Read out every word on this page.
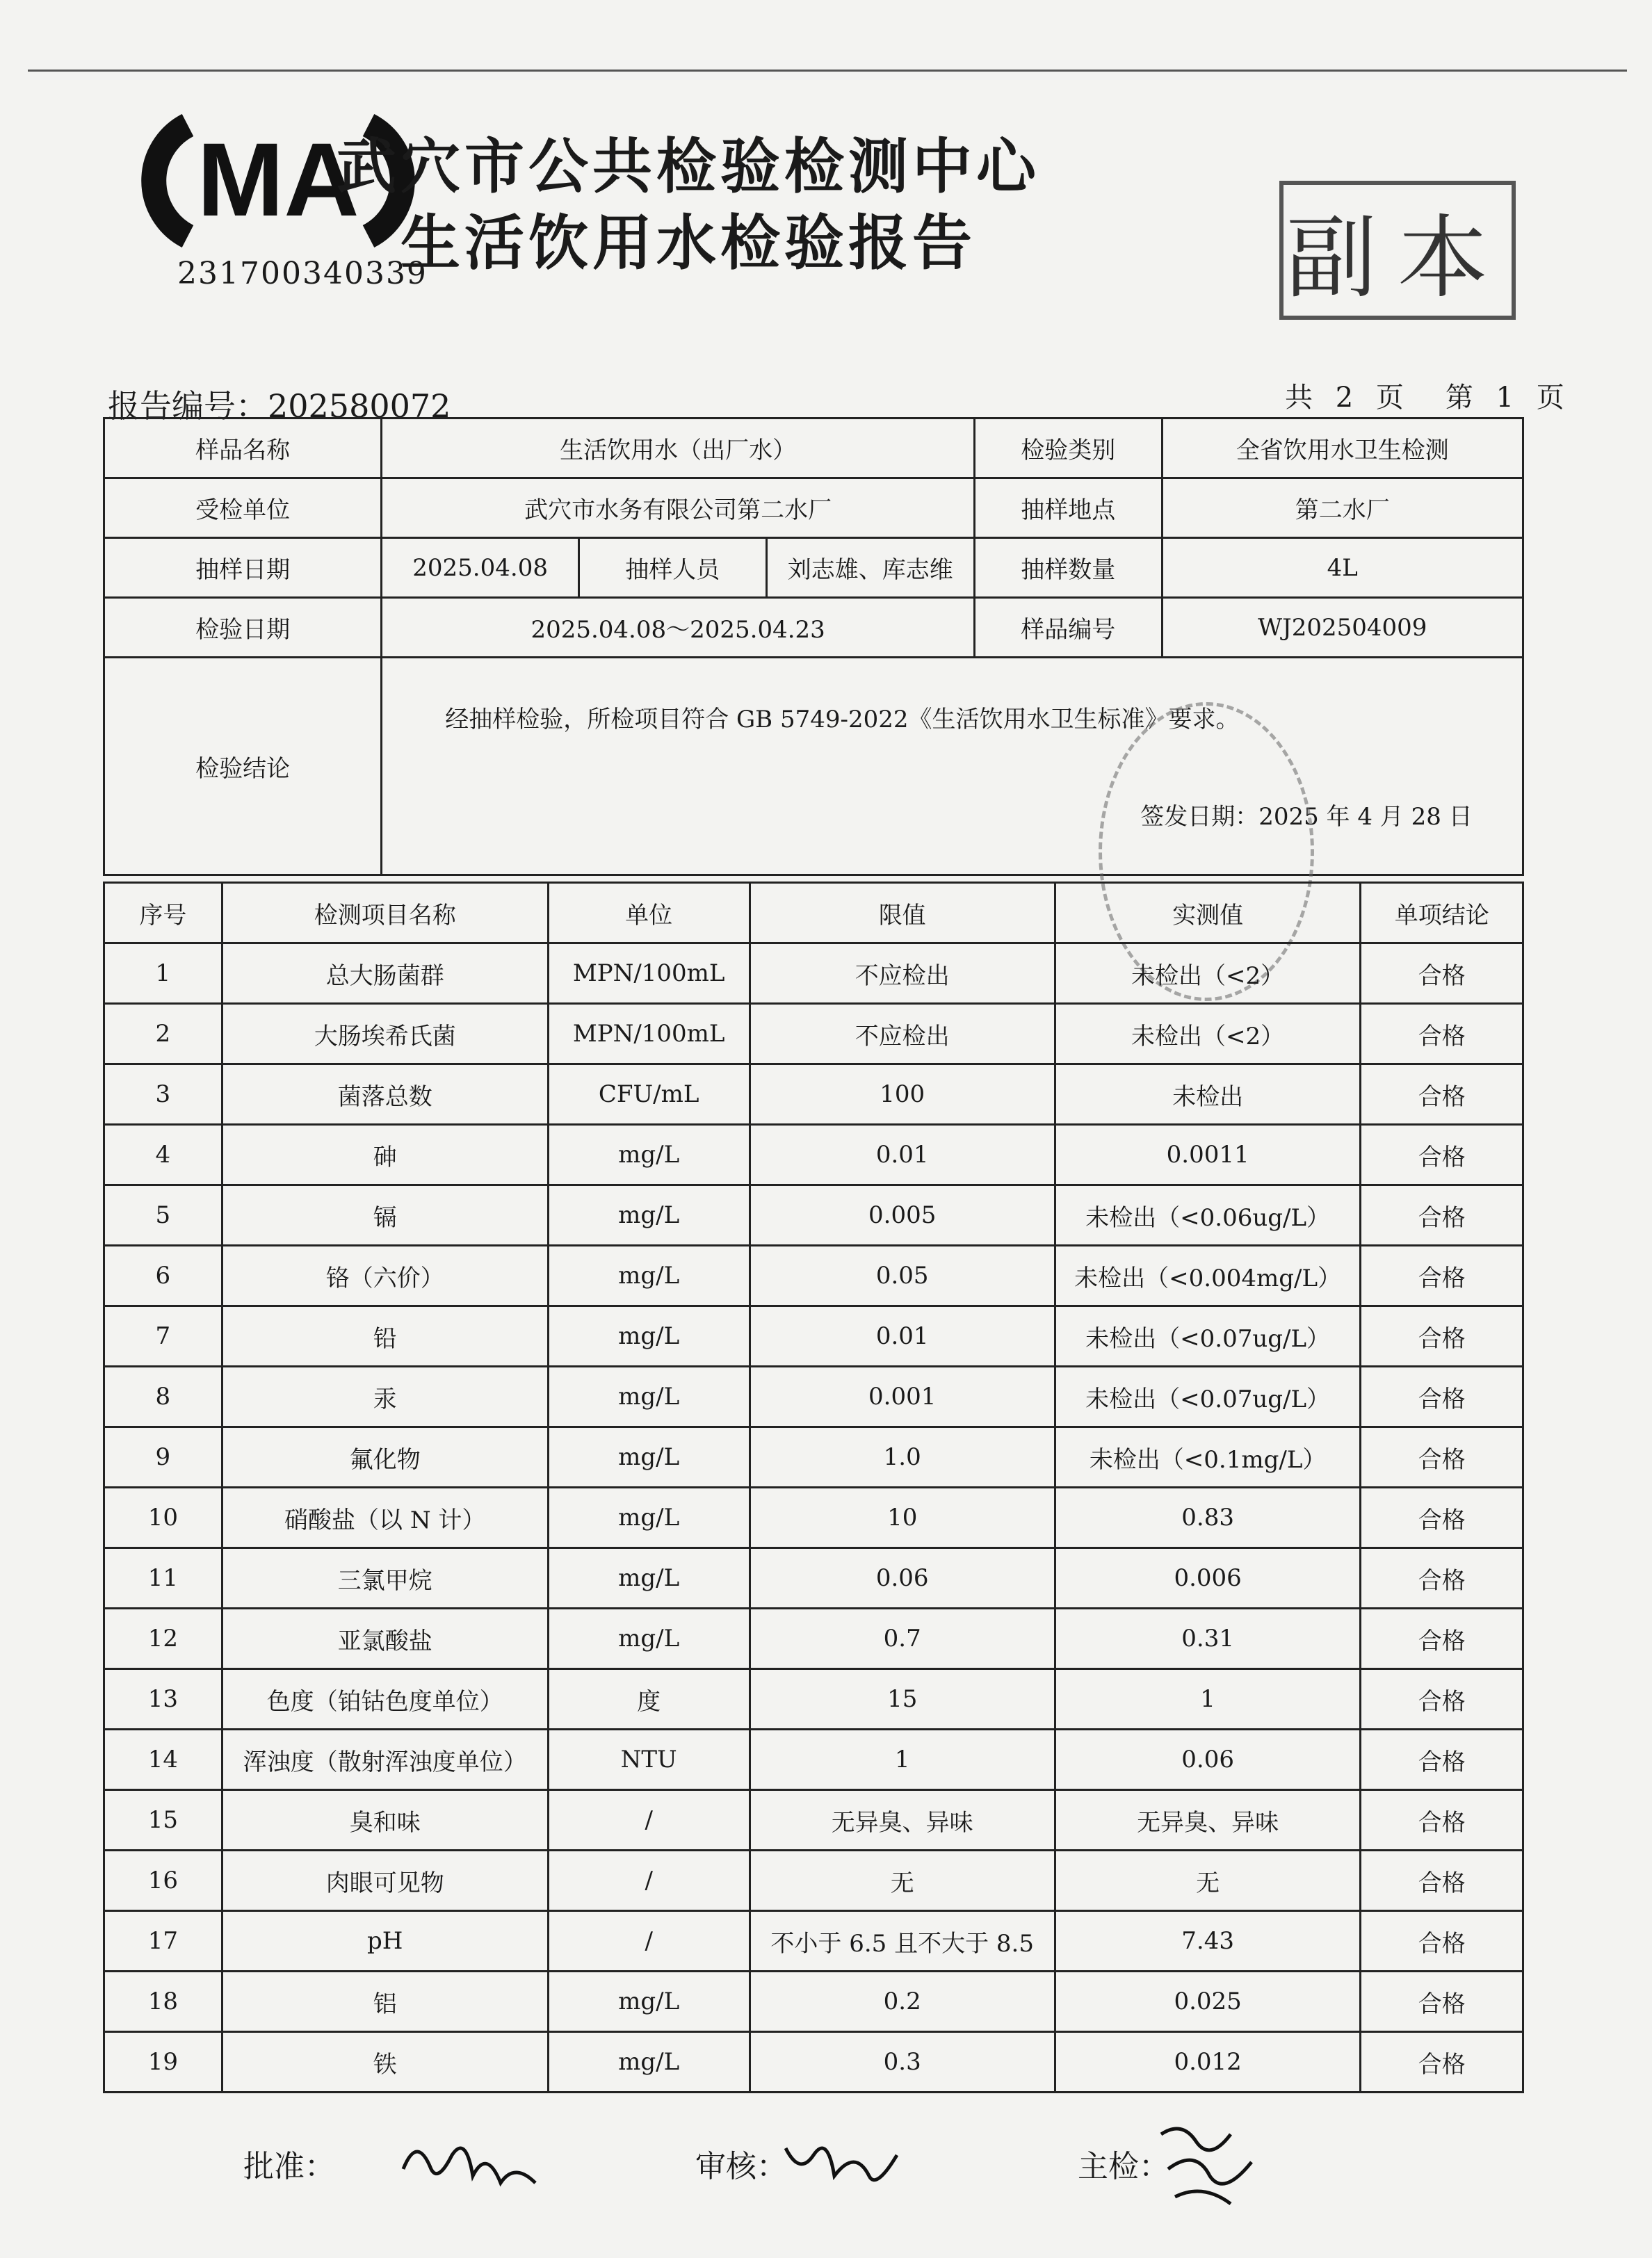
MA
231700340339
武穴市公共检验检测中心
生活饮用水检验报告	副本
报告编号：202580072	共 2 页 第 1 页
样品名称	生活饮用水（出厂水）			检验类别	全省饮用水卫生检测
受检单位	武穴市水务有限公司第二水厂			抽样地点	第二水厂
抽样日期	2025.04.08	抽样人员	刘志雄、库志维	抽样数量	4L
检验日期	2025.04.08～2025.04.23			样品编号	WJ202504009
检验结论	经抽样检验，所检项目符合 GB 5749-2022《生活饮用水卫生标准》要求。
签发日期：2025 年 4 月 28 日				
序号	检测项目名称	单位	限值	实测值	单项结论
1	总大肠菌群	MPN/100mL	不应检出	未检出（<2）	合格
2	大肠埃希氏菌	MPN/100mL	不应检出	未检出（<2）	合格
3	菌落总数	CFU/mL	100	未检出	合格
4	砷	mg/L	0.01	0.0011	合格
5	镉	mg/L	0.005	未检出（<0.06ug/L）	合格
6	铬（六价）	mg/L	0.05	未检出（<0.004mg/L）	合格
7	铅	mg/L	0.01	未检出（<0.07ug/L）	合格
8	汞	mg/L	0.001	未检出（<0.07ug/L）	合格
9	氟化物	mg/L	1.0	未检出（<0.1mg/L）	合格
10	硝酸盐（以 N 计）	mg/L	10	0.83	合格
11	三氯甲烷	mg/L	0.06	0.006	合格
12	亚氯酸盐	mg/L	0.7	0.31	合格
13	色度（铂钴色度单位）	度	15	1	合格
14	浑浊度（散射浑浊度单位）	NTU	1	0.06	合格
15	臭和味	/	无异臭、异味	无异臭、异味	合格
16	肉眼可见物	/	无	无	合格
17	pH	/	不小于 6.5 且不大于 8.5	7.43	合格
18	铝	mg/L	0.2	0.025	合格
19	铁	mg/L	0.3	0.012	合格
批准：	审核：	主检：
